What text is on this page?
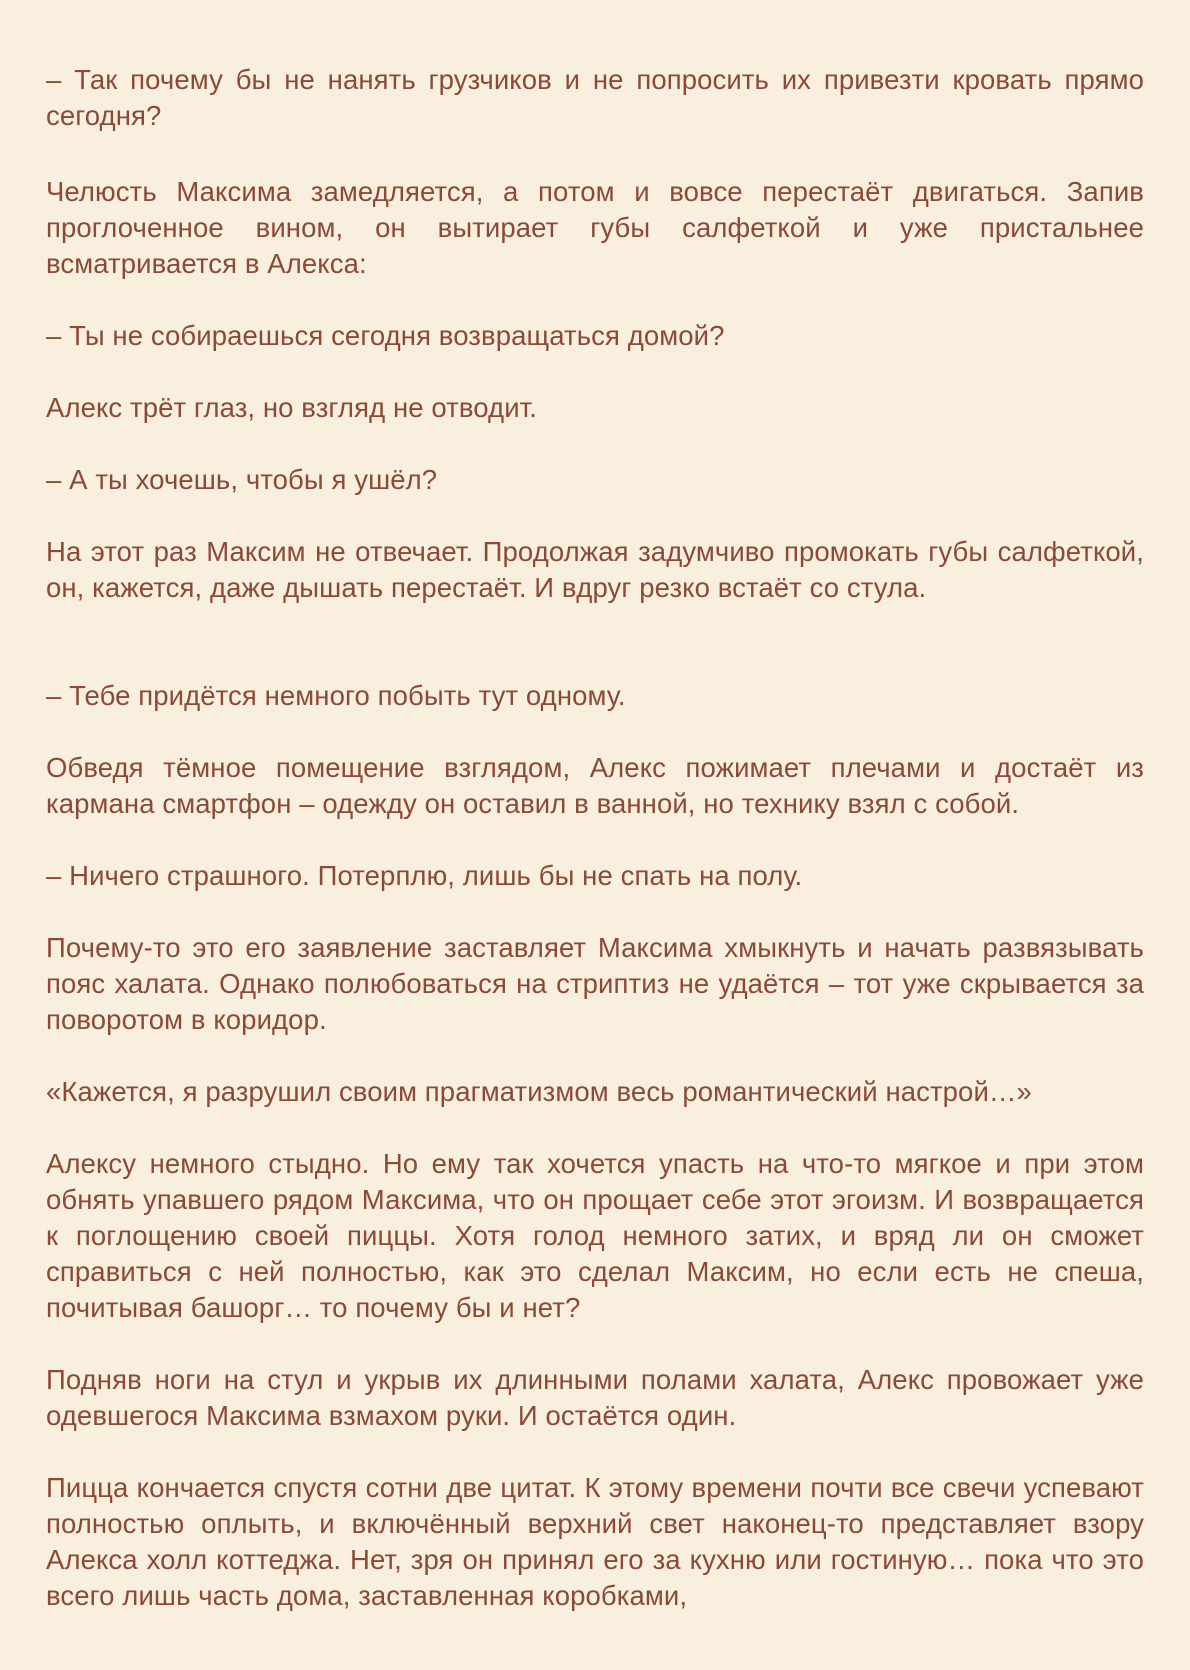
– Так почему бы не нанять грузчиков и не попросить их привезти кровать прямо сегодня?

Челюсть Максима замедляется, а потом и вовсе перестаёт двигаться. Запив проглоченное вином, он вытирает губы салфеткой и уже пристальнее всматривается в Алекса:

– Ты не собираешься сегодня возвращаться домой?

Алекс трёт глаз, но взгляд не отводит.

– А ты хочешь, чтобы я ушёл?

На этот раз Максим не отвечает. Продолжая задумчиво промокать губы салфеткой, он, кажется, даже дышать перестаёт. И вдруг резко встаёт со стула.

– Тебе придётся немного побыть тут одному.

Обведя тёмное помещение взглядом, Алекс пожимает плечами и достаёт из кармана смартфон – одежду он оставил в ванной, но технику взял с собой.

– Ничего страшного. Потерплю, лишь бы не спать на полу.

Почему-то это его заявление заставляет Максима хмыкнуть и начать развязывать пояс халата. Однако полюбоваться на стриптиз не удаётся – тот уже скрывается за поворотом в коридор.

«Кажется, я разрушил своим прагматизмом весь романтический настрой…»

Алексу немного стыдно. Но ему так хочется упасть на что-то мягкое и при этом обнять упавшего рядом Максима, что он прощает себе этот эгоизм. И возвращается к поглощению своей пиццы. Хотя голод немного затих, и вряд ли он сможет справиться с ней полностью, как это сделал Максим, но если есть не спеша, почитывая башорг… то почему бы и нет?

Подняв ноги на стул и укрыв их длинными полами халата, Алекс провожает уже одевшегося Максима взмахом руки. И остаётся один.

Пицца кончается спустя сотни две цитат. К этому времени почти все свечи успевают полностью оплыть, и включённый верхний свет наконец-то представляет взору Алекса холл коттеджа. Нет, зря он принял его за кухню или гостиную… пока что это всего лишь часть дома, заставленная коробками,
